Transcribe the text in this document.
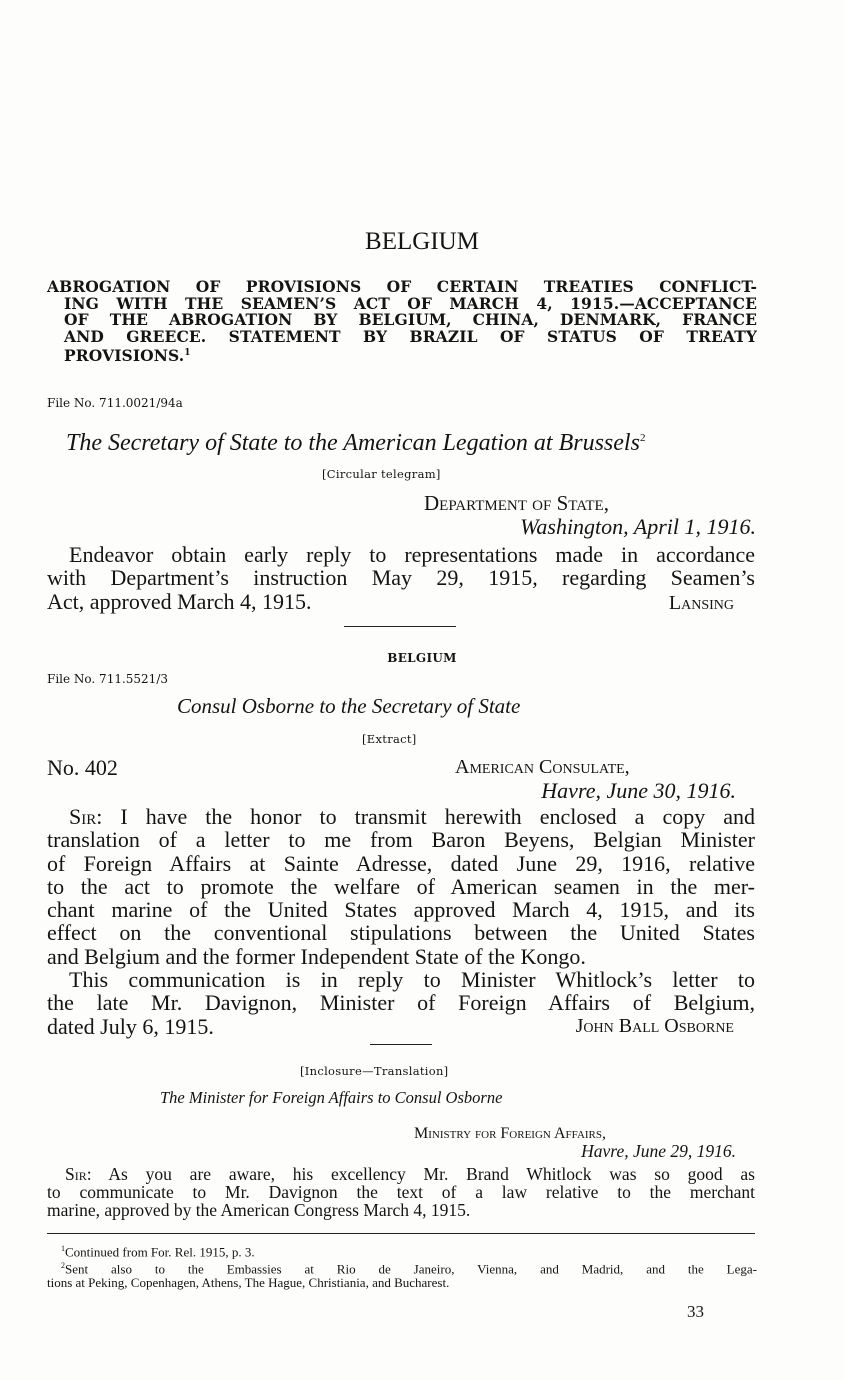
BELGIUM
ABROGATION OF PROVISIONS OF CERTAIN TREATIES CONFLICT-
ING WITH THE SEAMEN’S ACT OF MARCH 4, 1915.—ACCEPTANCE
OF THE ABROGATION BY BELGIUM, CHINA, DENMARK, FRANCE
AND GREECE. STATEMENT BY BRAZIL OF STATUS OF TREATY
PROVISIONS.$^1$
File No. 711.0021/94a
The Secretary of State to the American Legation at Brussels$^2$
[Circular telegram]
Department of State,
Washington, April 1, 1916.
Endeavor obtain early reply to representations made in accordance
with Department’s instruction May 29, 1915, regarding Seamen’s
Act, approved March 4, 1915.	Lansing
BELGIUM
File No. 711.5521/3
Consul Osborne to the Secretary of State
[Extract]
No. 402	American Consulate,
Havre, June 30, 1916.
Sir: I have the honor to transmit herewith enclosed a copy and
translation of a letter to me from Baron Beyens, Belgian Minister
of Foreign Affairs at Sainte Adresse, dated June 29, 1916, relative
to the act to promote the welfare of American seamen in the mer-
chant marine of the United States approved March 4, 1915, and its
effect on the conventional stipulations between the United States
and Belgium and the former Independent State of the Kongo.
This communication is in reply to Minister Whitlock’s letter to
the late Mr. Davignon, Minister of Foreign Affairs of Belgium,
dated July 6, 1915.	John Ball Osborne
[Inclosure—Translation]
The Minister for Foreign Affairs to Consul Osborne
Ministry for Foreign Affairs,
Havre, June 29, 1916.
Sir: As you are aware, his excellency Mr. Brand Whitlock was so good as
to communicate to Mr. Davignon the text of a law relative to the merchant
marine, approved by the American Congress March 4, 1915.
$^1$Continued from For. Rel. 1915, p. 3.
$^2$Sent also to the Embassies at Rio de Janeiro, Vienna, and Madrid, and the Lega-
tions at Peking, Copenhagen, Athens, The Hague, Christiania, and Bucharest.
33
